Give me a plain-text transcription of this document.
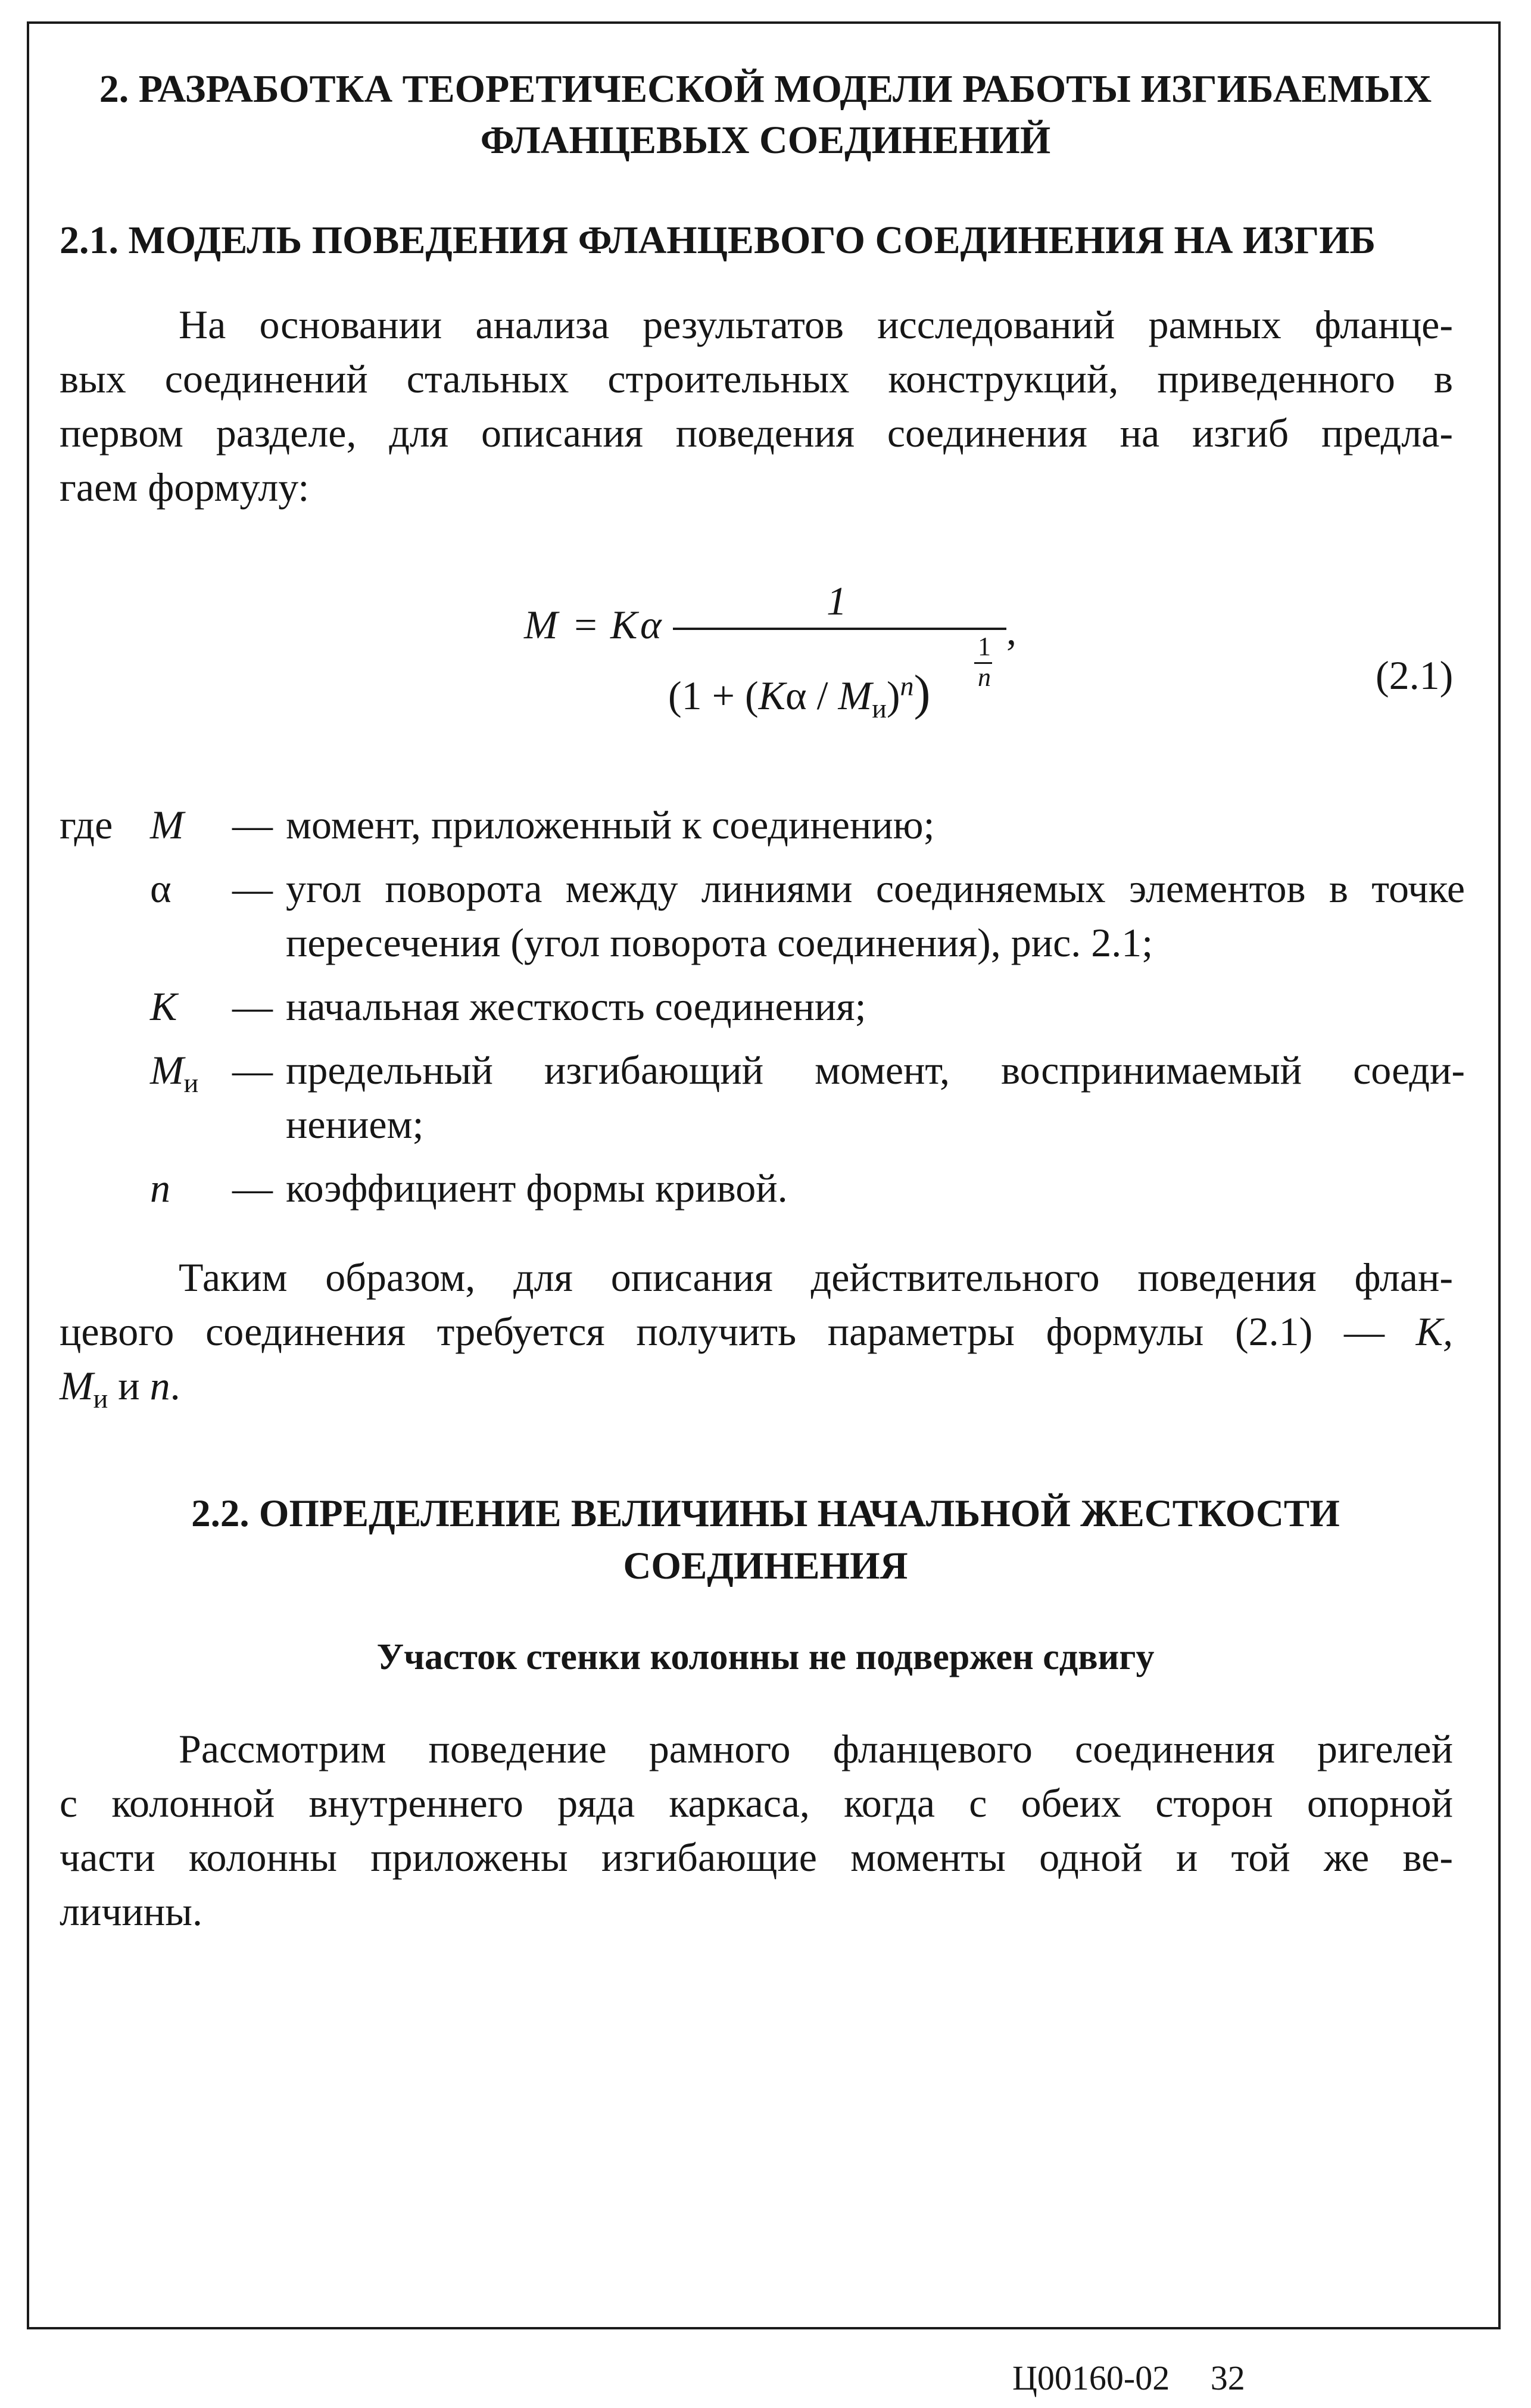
2. РАЗРАБОТКА ТЕОРЕТИЧЕСКОЙ МОДЕЛИ РАБОТЫ ИЗГИБАЕМЫХ
ФЛАНЦЕВЫХ СОЕДИНЕНИЙ
2.1. МОДЕЛЬ ПОВЕДЕНИЯ ФЛАНЦЕВОГО СОЕДИНЕНИЯ НА ИЗГИБ
На основании анализа результатов исследований рамных фланце-
вых соединений стальных строительных конструкций, приведенного в
первом разделе, для описания поведения соединения на изгиб предла-
гаем формулу:
M = K α
1
$(1 + (K\alpha / M_и)^n)$
1
n
,
(2.1)
где M — момент, приложенный к соединению;
α — угол поворота между линиями соединяемых элементов в точке
пересечения (угол поворота соединения), рис. 2.1;
K — начальная жесткость соединения;
$M_и$ — предельный изгибающий момент, воспринимаемый соеди-
нением;
n — коэффициент формы кривой.
Таким образом, для описания действительного поведения флан-
цевого соединения требуется получить параметры формулы (2.1) — K,
$M_и$ и n.
2.2. ОПРЕДЕЛЕНИЕ ВЕЛИЧИНЫ НАЧАЛЬНОЙ ЖЕСТКОСТИ
СОЕДИНЕНИЯ
Участок стенки колонны не подвержен сдвигу
Рассмотрим поведение рамного фланцевого соединения ригелей
с колонной внутреннего ряда каркаса, когда с обеих сторон опорной
части колонны приложены изгибающие моменты одной и той же ве-
личины.
Ц00160-02 32
